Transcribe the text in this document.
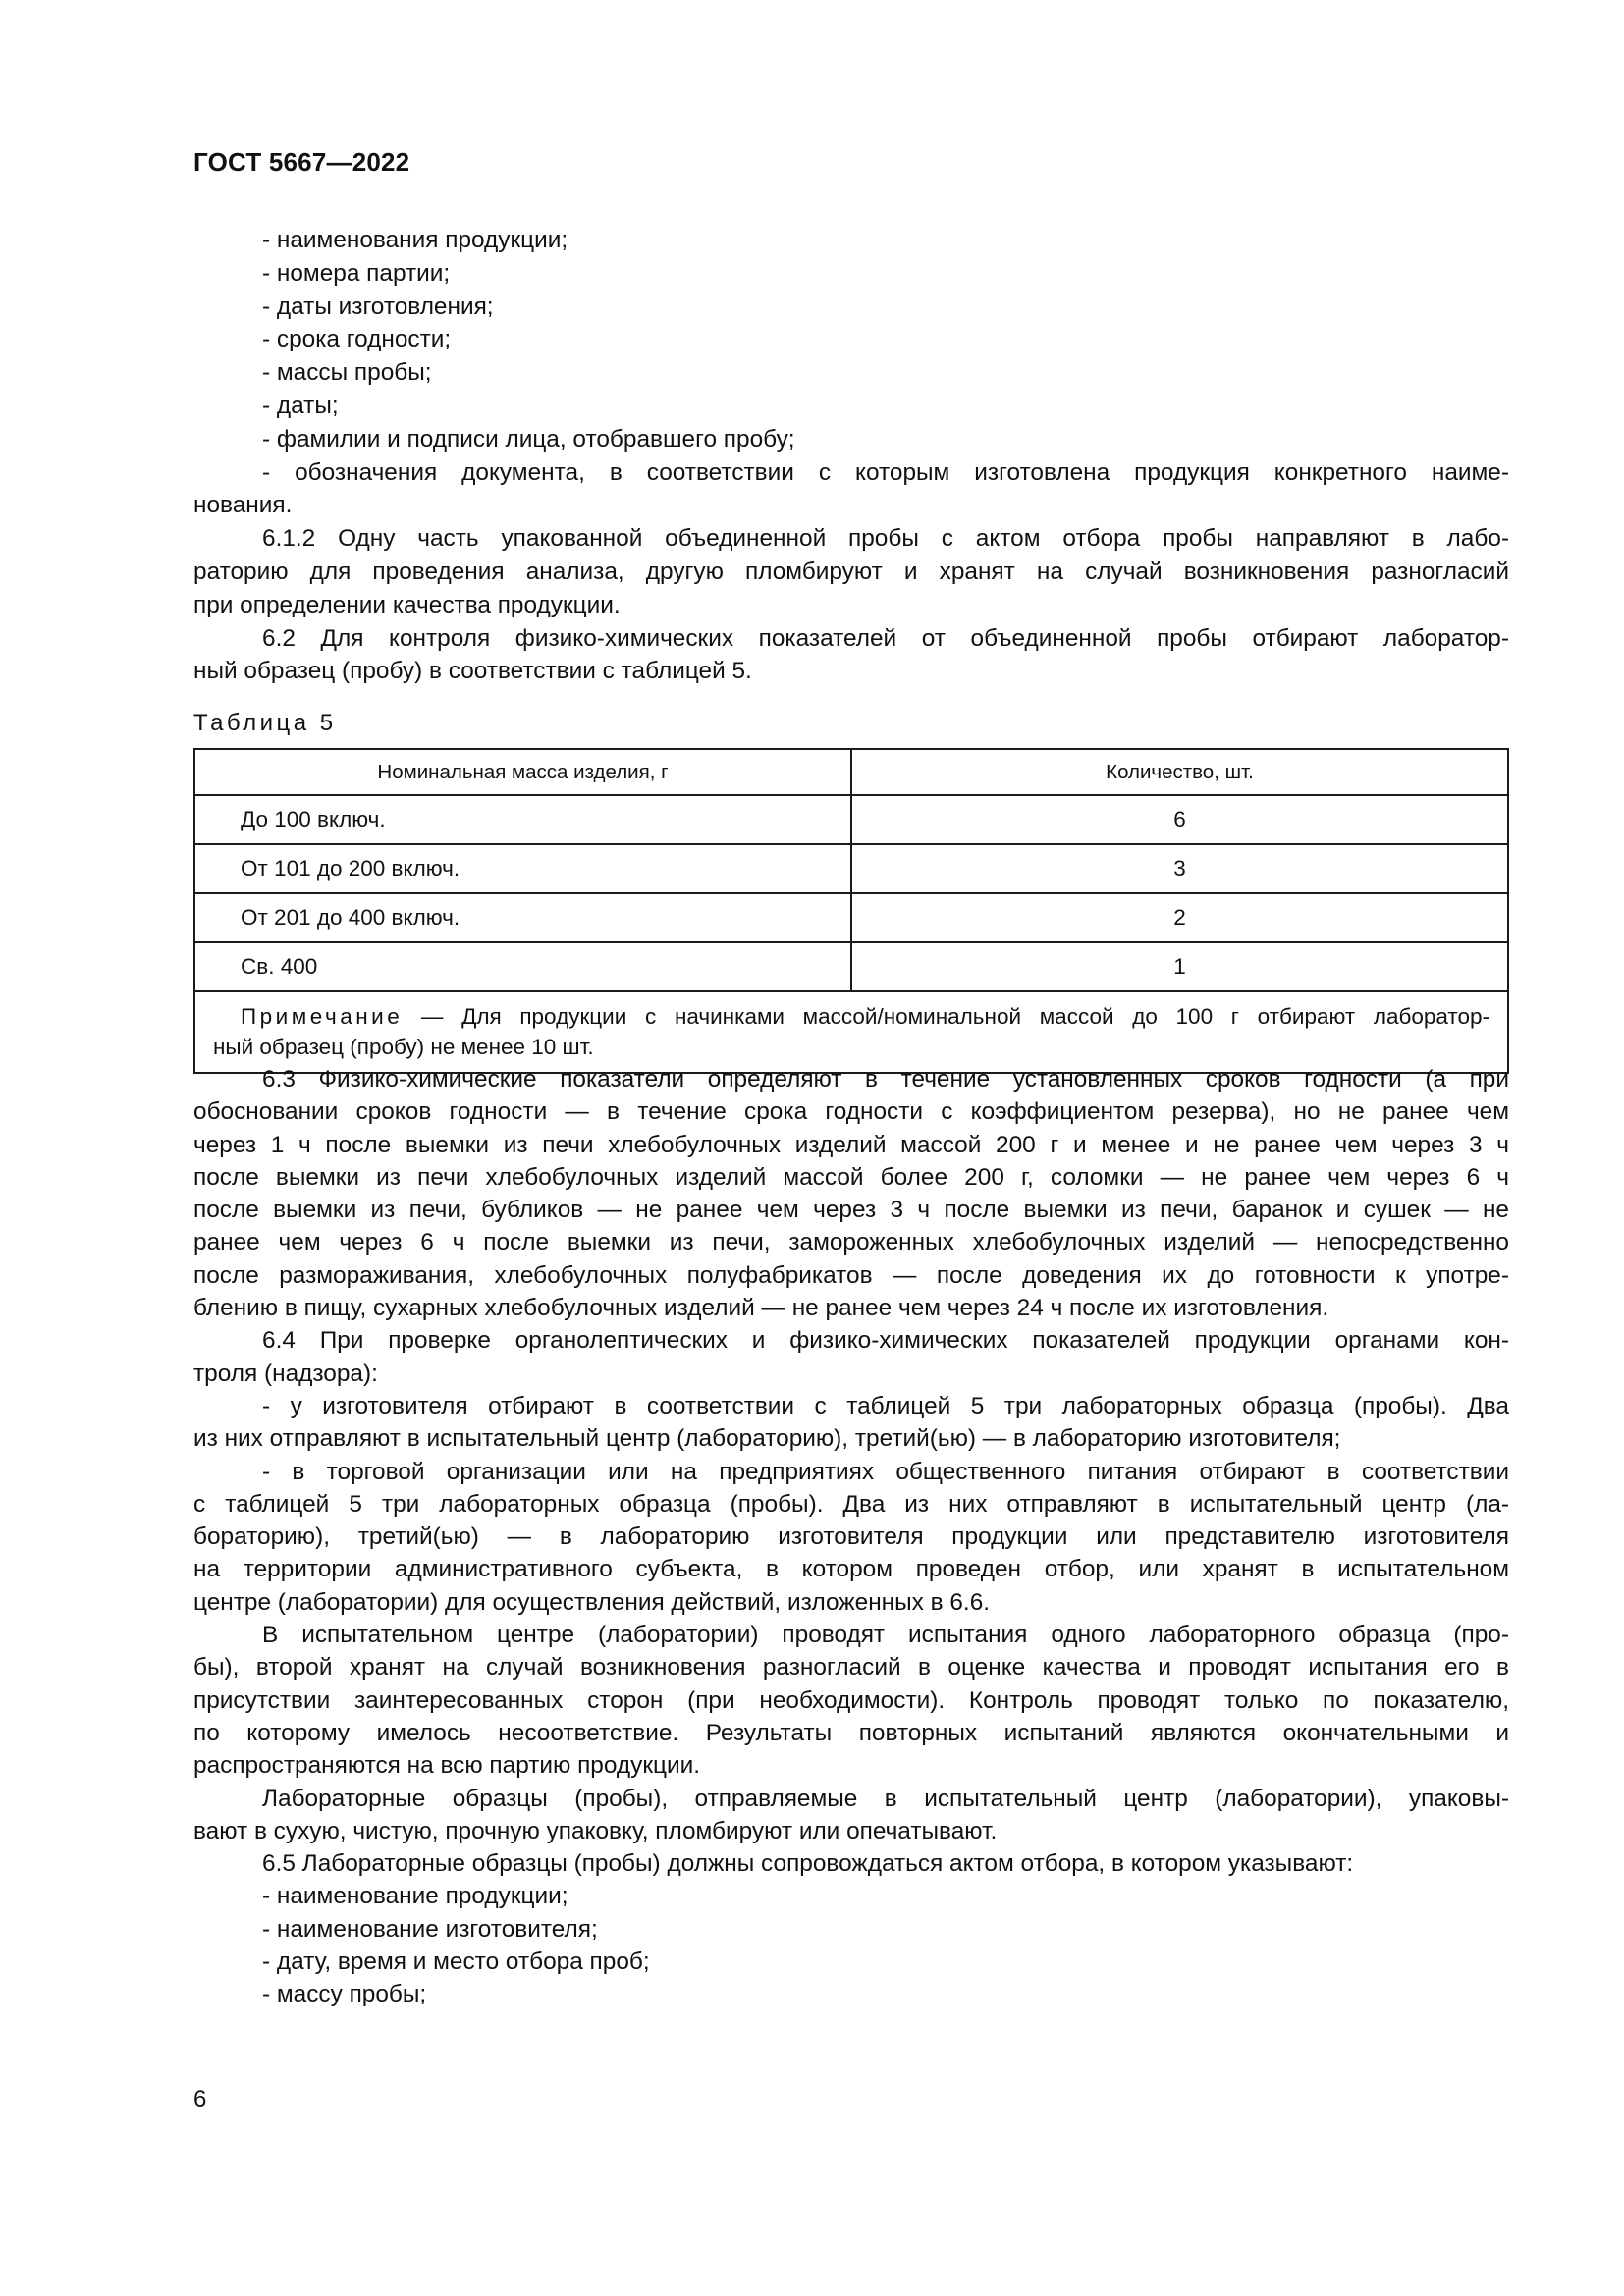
ГОСТ 5667—2022

- наименования продукции;

- номера партии;

- даты изготовления;

- срока годности;

- массы пробы;

- даты;

- фамилии и подписи лица, отобравшего пробу;

- обозначения документа, в соответствии с которым изготовлена продукция конкретного наиме-

нования.

6.1.2 Одну часть упакованной объединенной пробы с актом отбора пробы направляют в лабо-

раторию для проведения анализа, другую пломбируют и хранят на случай возникновения разногласий

при определении качества продукции.

6.2 Для контроля физико-химических показателей от объединенной пробы отбирают лаборатор-

ный образец (пробу) в соответствии с таблицей 5.

Таблица 5
Номинальная масса изделия, г	Количество, шт.
До 100 включ.	6
От 101 до 200 включ.	3
От 201 до 400 включ.	2
Св. 400	1

Примечание — Для продукции с начинками массой/номинальной массой до 100 г отбирают лаборатор-
ный образец (пробу) не менее 10 шт.	

6.3 Физико-химические показатели определяют в течение установленных сроков годности (а при

обосновании сроков годности — в течение срока годности с коэффициентом резерва), но не ранее чем

через 1 ч после выемки из печи хлебобулочных изделий массой 200 г и менее и не ранее чем через 3 ч

после выемки из печи хлебобулочных изделий массой более 200 г, соломки — не ранее чем через 6 ч

после выемки из печи, бубликов — не ранее чем через 3 ч после выемки из печи, баранок и сушек — не

ранее чем через 6 ч после выемки из печи, замороженных хлебобулочных изделий — непосредственно

после размораживания, хлебобулочных полуфабрикатов — после доведения их до готовности к употре-

блению в пищу, сухарных хлебобулочных изделий — не ранее чем через 24 ч после их изготовления.

6.4 При проверке органолептических и физико-химических показателей продукции органами кон-

троля (надзора):

- у изготовителя отбирают в соответствии с таблицей 5 три лабораторных образца (пробы). Два

из них отправляют в испытательный центр (лабораторию), третий(ью) — в лабораторию изготовителя;

- в торговой организации или на предприятиях общественного питания отбирают в соответствии

с таблицей 5 три лабораторных образца (пробы). Два из них отправляют в испытательный центр (ла-

бораторию), третий(ью) — в лабораторию изготовителя продукции или представителю изготовителя

на территории административного субъекта, в котором проведен отбор, или хранят в испытательном

центре (лаборатории) для осуществления действий, изложенных в 6.6.

В испытательном центре (лаборатории) проводят испытания одного лабораторного образца (про-

бы), второй хранят на случай возникновения разногласий в оценке качества и проводят испытания его в

присутствии заинтересованных сторон (при необходимости). Контроль проводят только по показателю,

по которому имелось несоответствие. Результаты повторных испытаний являются окончательными и

распространяются на всю партию продукции.

Лабораторные образцы (пробы), отправляемые в испытательный центр (лаборатории), упаковы-

вают в сухую, чистую, прочную упаковку, пломбируют или опечатывают.

6.5 Лабораторные образцы (пробы) должны сопровождаться актом отбора, в котором указывают:

- наименование продукции;

- наименование изготовителя;

- дату, время и место отбора проб;

- массу пробы;

6
